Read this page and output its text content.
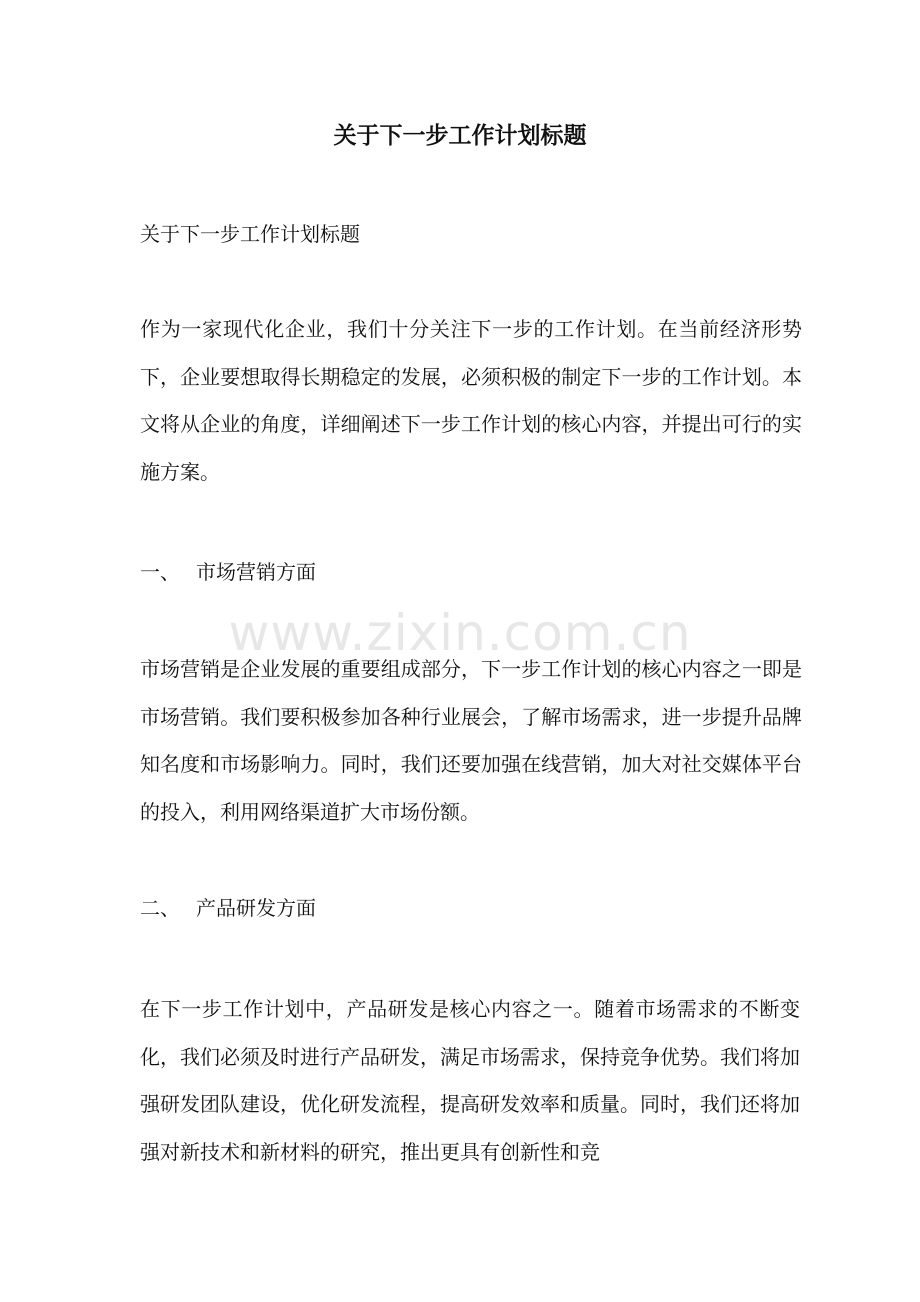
关于下一步工作计划标题

关于下一步工作计划标题

作为一家现代化企业，我们十分关注下一步的工作计划。在当前经济形势下，企业要想取得长期稳定的发展，必须积极的制定下一步的工作计划。本文将从企业的角度，详细阐述下一步工作计划的核心内容，并提出可行的实施方案。

一、 市场营销方面
www.zixin.com.cn

市场营销是企业发展的重要组成部分，下一步工作计划的核心内容之一即是市场营销。我们要积极参加各种行业展会，了解市场需求，进一步提升品牌知名度和市场影响力。同时，我们还要加强在线营销，加大对社交媒体平台的投入，利用网络渠道扩大市场份额。

二、 产品研发方面

在下一步工作计划中，产品研发是核心内容之一。随着市场需求的不断变化，我们必须及时进行产品研发，满足市场需求，保持竞争优势。我们将加强研发团队建设，优化研发流程，提高研发效率和质量。同时，我们还将加强对新技术和新材料的研究，推出更具有创新性和竞
